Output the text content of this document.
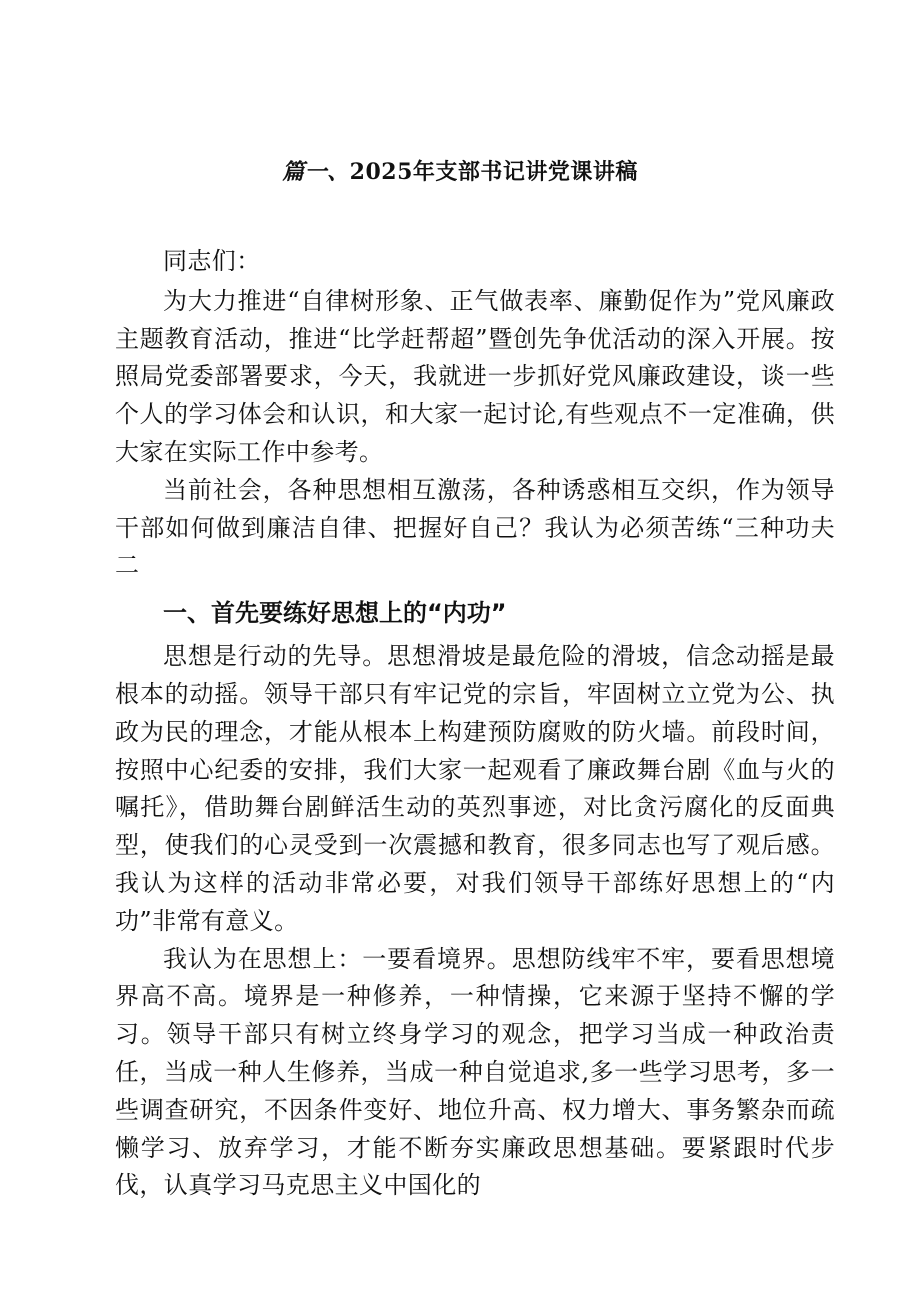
篇一、2025年支部书记讲党课讲稿

同志们：

为大力推进“自律树形象、正气做表率、廉勤促作为”党风廉政主题教育活动，推进“比学赶帮超”暨创先争优活动的深入开展。按照局党委部署要求，今天，我就进一步抓好党风廉政建设，谈一些个人的学习体会和认识，和大家一起讨论,有些观点不一定准确，供大家在实际工作中参考。

当前社会，各种思想相互激荡，各种诱惑相互交织，作为领导干部如何做到廉洁自律、把握好自己？我认为必须苦练“三种功夫二

一、首先要练好思想上的“内功”

思想是行动的先导。思想滑坡是最危险的滑坡，信念动摇是最根本的动摇。领导干部只有牢记党的宗旨，牢固树立立党为公、执政为民的理念，才能从根本上构建预防腐败的防火墙。前段时间，按照中心纪委的安排，我们大家一起观看了廉政舞台剧《血与火的嘱托》，借助舞台剧鲜活生动的英烈事迹，对比贪污腐化的反面典型，使我们的心灵受到一次震撼和教育，很多同志也写了观后感。我认为这样的活动非常必要，对我们领导干部练好思想上的“内功”非常有意义。

我认为在思想上：一要看境界。思想防线牢不牢，要看思想境界高不高。境界是一种修养，一种情操，它来源于坚持不懈的学习。领导干部只有树立终身学习的观念，把学习当成一种政治责任，当成一种人生修养，当成一种自觉追求,多一些学习思考，多一些调查研究，不因条件变好、地位升高、权力增大、事务繁杂而疏懒学习、放弃学习，才能不断夯实廉政思想基础。要紧跟时代步伐，认真学习马克思主义中国化的
